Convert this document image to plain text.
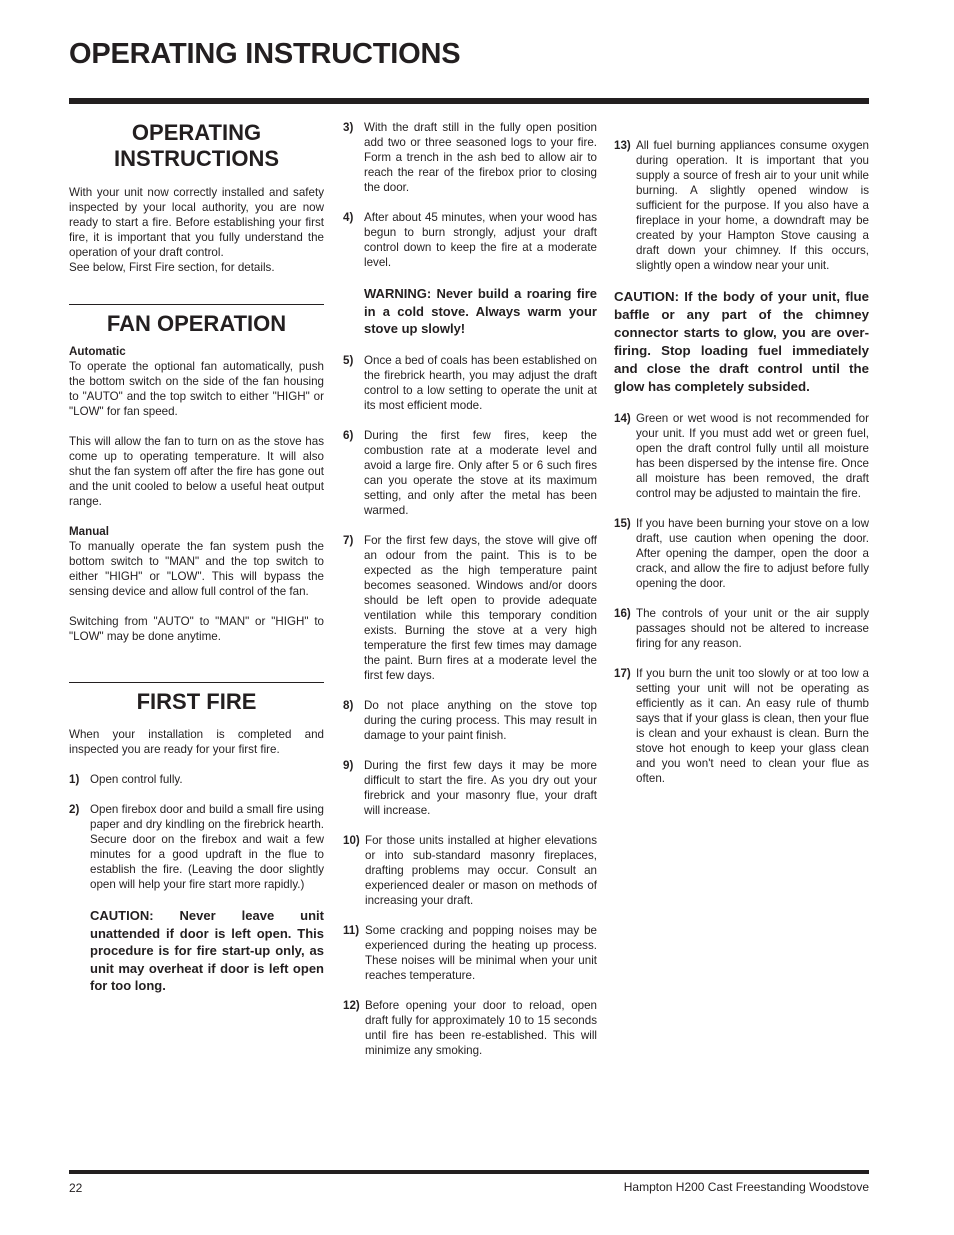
OPERATING INSTRUCTIONS
OPERATING INSTRUCTIONS

With your unit now correctly installed and safety inspected by your local authority, you are now ready to start a fire. Before establishing your first fire, it is important that you fully understand the operation of your draft control.

See below, First Fire section, for details.

FAN OPERATION
Automatic

To operate the optional fan automatically, push the bottom switch on the side of the fan housing to "AUTO" and the top switch to either "HIGH" or "LOW" for fan speed.

This will allow the fan to turn on as the stove has come up to operating temperature. It will also shut the fan system off after the fire has gone out and the unit cooled to below a useful heat output range.

Manual

To manually operate the fan system push the bottom switch to "MAN" and the top switch to either "HIGH" or "LOW". This will bypass the sensing device and allow full control of the fan.

Switching from "AUTO" to "MAN" or "HIGH" to "LOW" may be done anytime.

FIRST FIRE

When your installation is completed and inspected you are ready for your first fire.

1) Open control fully.
2) Open firebox door and build a small fire using paper and dry kindling on the firebrick hearth. Secure door on the firebox and wait a few minutes for a good updraft in the flue to establish the fire. (Leaving the door slightly open will help your fire start more rapidly.)
CAUTION: Never leave unit unattended if door is left open. This procedure is for fire start-up only, as unit may overheat if door is left open for too long.
3) With the draft still in the fully open position add two or three seasoned logs to your fire. Form a trench in the ash bed to allow air to reach the rear of the firebox prior to closing the door.
4) After about 45 minutes, when your wood has begun to burn strongly, adjust your draft control down to keep the fire at a moderate level.
WARNING: Never build a roaring fire in a cold stove. Always warm your stove up slowly!
5) Once a bed of coals has been established on the firebrick hearth, you may adjust the draft control to a low setting to operate the unit at its most efficient mode.
6) During the first few fires, keep the combustion rate at a moderate level and avoid a large fire. Only after 5 or 6 such fires can you operate the stove at its maximum setting, and only after the metal has been warmed.
7) For the first few days, the stove will give off an odour from the paint. This is to be expected as the high temperature paint becomes seasoned. Windows and/or doors should be left open to provide adequate ventilation while this temporary condition exists. Burning the stove at a very high temperature the first few times may damage the paint. Burn fires at a moderate level the first few days.
8) Do not place anything on the stove top during the curing process. This may result in damage to your paint finish.
9) During the first few days it may be more difficult to start the fire. As you dry out your firebrick and your masonry flue, your draft will increase.
10) For those units installed at higher elevations or into sub-standard masonry fireplaces, drafting problems may occur. Consult an experienced dealer or mason on methods of increasing your draft.
11) Some cracking and popping noises may be experienced during the heating up process. These noises will be minimal when your unit reaches temperature.
12) Before opening your door to reload, open draft fully for approximately 10 to 15 seconds until fire has been re-established. This will minimize any smoking.
13) All fuel burning appliances consume oxygen during operation. It is important that you supply a source of fresh air to your unit while burning. A slightly opened window is sufficient for the purpose. If you also have a fireplace in your home, a downdraft may be created by your Hampton Stove causing a draft down your chimney. If this occurs, slightly open a window near your unit.
CAUTION: If the body of your unit, flue baffle or any part of the chimney connector starts to glow, you are over-firing. Stop loading fuel immediately and close the draft control until the glow has completely subsided.
14) Green or wet wood is not recommended for your unit. If you must add wet or green fuel, open the draft control fully until all moisture has been dispersed by the intense fire. Once all moisture has been removed, the draft control may be adjusted to maintain the fire.
15) If you have been burning your stove on a low draft, use caution when opening the door. After opening the damper, open the door a crack, and allow the fire to adjust before fully opening the door.
16) The controls of your unit or the air supply passages should not be altered to increase firing for any reason.
17) If you burn the unit too slowly or at too low a setting your unit will not be operating as efficiently as it can. An easy rule of thumb says that if your glass is clean, then your flue is clean and your exhaust is clean. Burn the stove hot enough to keep your glass clean and you won't need to clean your flue as often.
22	Hampton H200 Cast Freestanding Woodstove
